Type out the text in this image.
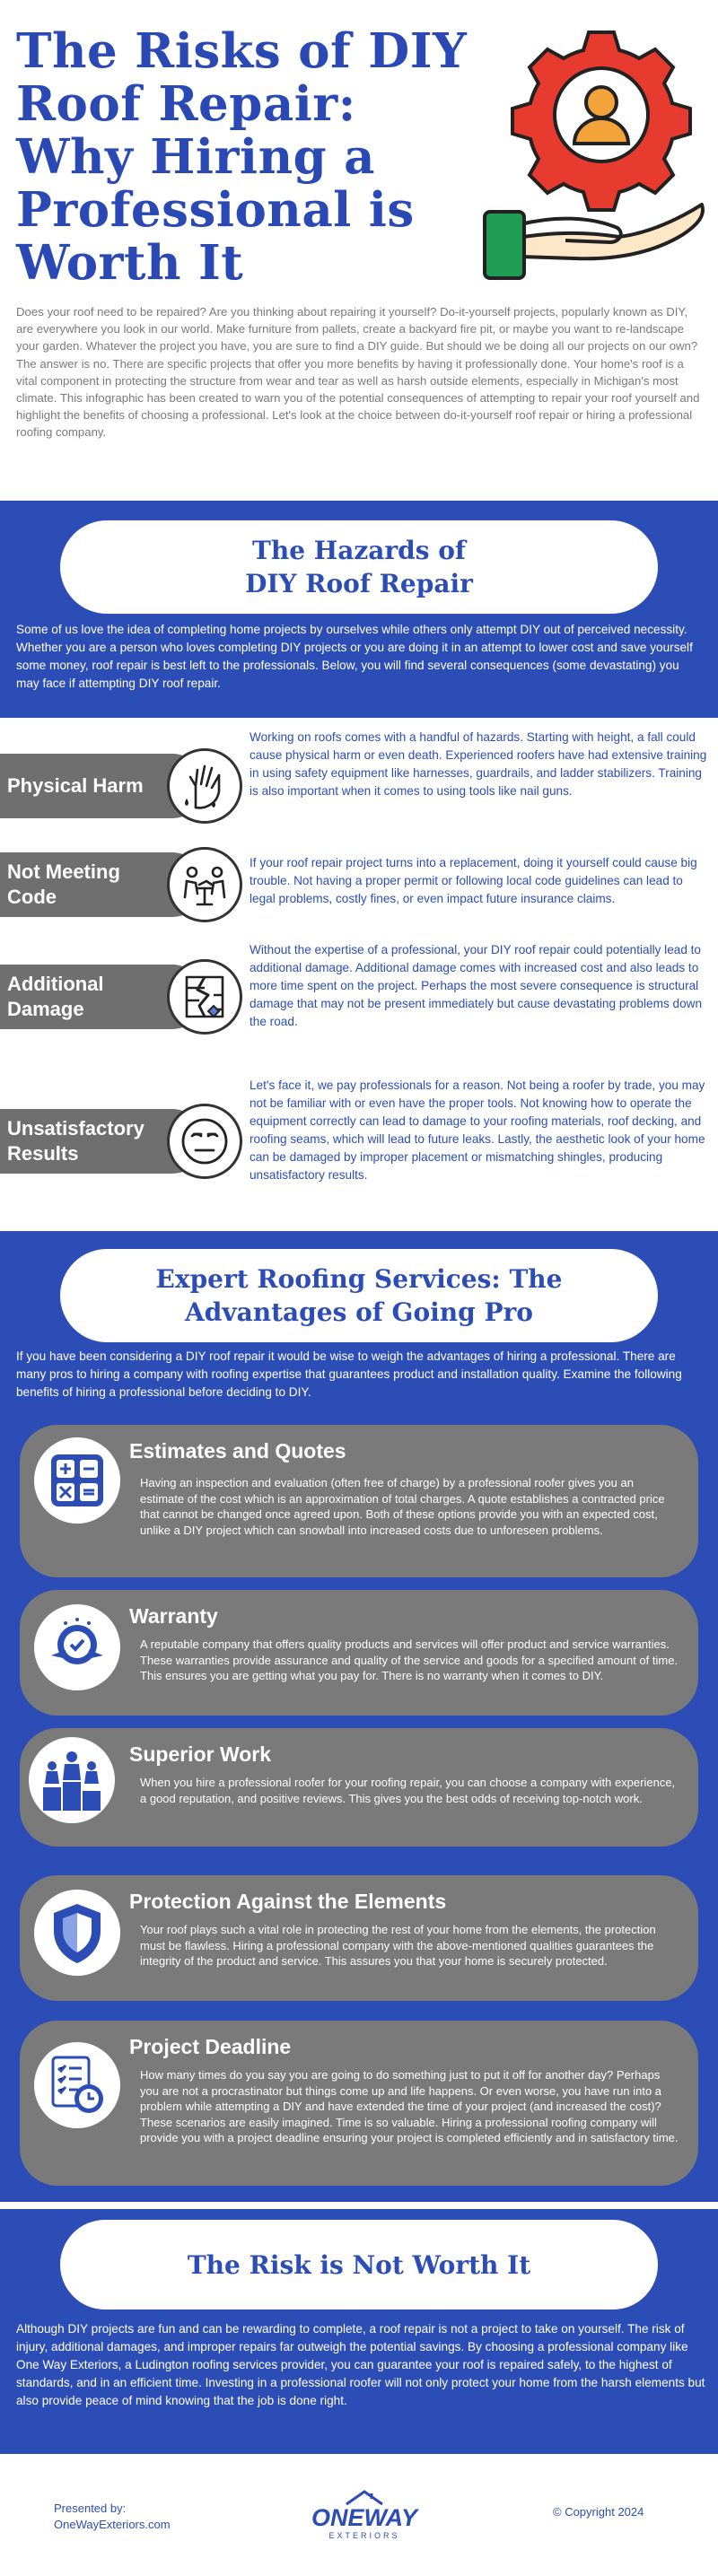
The Risks of DIY
Roof Repair:
Why Hiring a
Professional is
Worth It

Does your roof need to be repaired? Are you thinking about repairing it yourself? Do-it-yourself projects, popularly known as DIY, are everywhere you look in our world. Make furniture from pallets, create a backyard fire pit, or maybe you want to re-landscape your garden. Whatever the project you have, you are sure to find a DIY guide. But should we be doing all our projects on our own? The answer is no. There are specific projects that offer you more benefits by having it professionally done. Your home's roof is a vital component in protecting the structure from wear and tear as well as harsh outside elements, especially in Michigan's most climate. This infographic has been created to warn you of the potential consequences of attempting to repair your roof yourself and highlight the benefits of choosing a professional. Let's look at the choice between do-it-yourself roof repair or hiring a professional roofing company.

The Hazards of
DIY Roof Repair

Some of us love the idea of completing home projects by ourselves while others only attempt DIY out of perceived necessity. Whether you are a person who loves completing DIY projects or you are doing it in an attempt to lower cost and save yourself some money, roof repair is best left to the professionals. Below, you will find several consequences (some devastating) you may face if attempting DIY roof repair.

Physical Harm

Working on roofs comes with a handful of hazards. Starting with height, a fall could cause physical harm or even death. Experienced roofers have had extensive training in using safety equipment like harnesses, guardrails, and ladder stabilizers. Training is also important when it comes to using tools like nail guns.

Not Meeting
Code

If your roof repair project turns into a replacement, doing it yourself could cause big trouble. Not having a proper permit or following local code guidelines can lead to legal problems, costly fines, or even impact future insurance claims.

Additional
Damage

Without the expertise of a professional, your DIY roof repair could potentially lead to additional damage. Additional damage comes with increased cost and also leads to more time spent on the project. Perhaps the most severe consequence is structural damage that may not be present immediately but cause devastating problems down the road.

Unsatisfactory
Results

Let's face it, we pay professionals for a reason. Not being a roofer by trade, you may not be familiar with or even have the proper tools. Not knowing how to operate the equipment correctly can lead to damage to your roofing materials, roof decking, and roofing seams, which will lead to future leaks. Lastly, the aesthetic look of your home can be damaged by improper placement or mismatching shingles, producing unsatisfactory results.

Expert Roofing Services: The
Advantages of Going Pro

If you have been considering a DIY roof repair it would be wise to weigh the advantages of hiring a professional. There are many pros to hiring a company with roofing expertise that guarantees product and installation quality. Examine the following benefits of hiring a professional before deciding to DIY.

Estimates and Quotes

Having an inspection and evaluation (often free of charge) by a professional roofer gives you an estimate of the cost which is an approximation of total charges. A quote establishes a contracted price that cannot be changed once agreed upon. Both of these options provide you with an expected cost, unlike a DIY project which can snowball into increased costs due to unforeseen problems.

Warranty

A reputable company that offers quality products and services will offer product and service warranties. These warranties provide assurance and quality of the service and goods for a specified amount of time. This ensures you are getting what you pay for. There is no warranty when it comes to DIY.

Superior Work

When you hire a professional roofer for your roofing repair, you can choose a company with experience, a good reputation, and positive reviews. This gives you the best odds of receiving top-notch work.

Protection Against the Elements

Your roof plays such a vital role in protecting the rest of your home from the elements, the protection must be flawless. Hiring a professional company with the above-mentioned qualities guarantees the integrity of the product and service. This assures you that your home is securely protected.

Project Deadline

How many times do you say you are going to do something just to put it off for another day? Perhaps you are not a procrastinator but things come up and life happens. Or even worse, you have run into a problem while attempting a DIY and have extended the time of your project (and increased the cost)? These scenarios are easily imagined. Time is so valuable. Hiring a professional roofing company will provide you with a project deadline ensuring your project is completed efficiently and in satisfactory time.

The Risk is Not Worth It

Although DIY projects are fun and can be rewarding to complete, a roof repair is not a project to take on yourself. The risk of injury, additional damages, and improper repairs far outweigh the potential savings. By choosing a professional company like One Way Exteriors, a Ludington roofing services provider, you can guarantee your roof is repaired safely, to the highest of standards, and in an efficient time. Investing in a professional roofer will not only protect your home from the harsh elements but also provide peace of mind knowing that the job is done right.

Presented by:
OneWayExteriors.com	ONEWAY
EXTERIORS
© Copyright 2024
